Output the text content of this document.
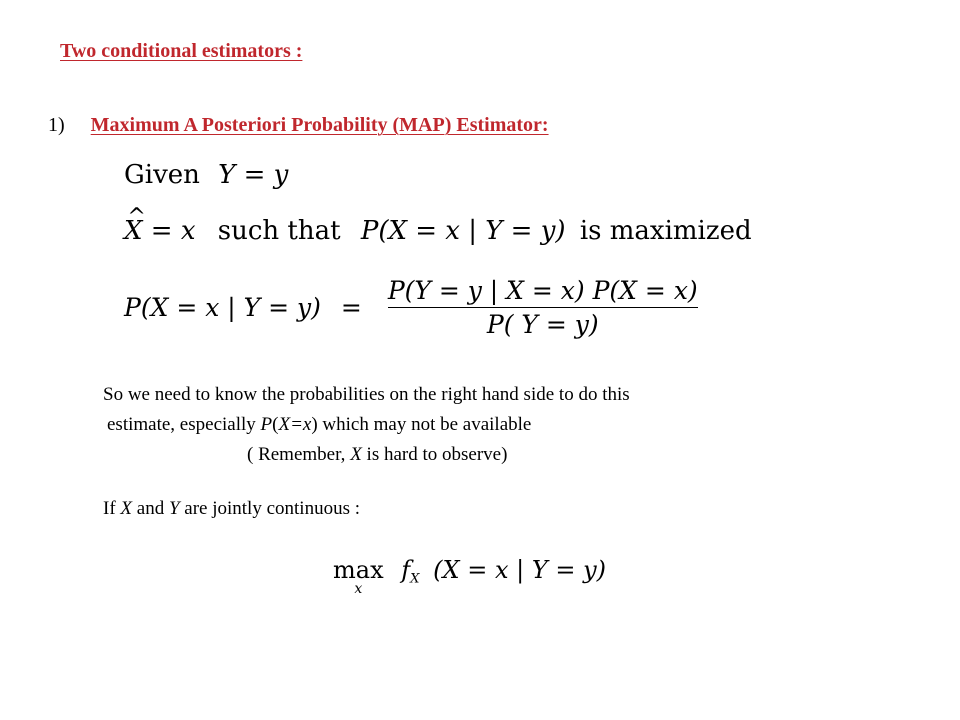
Two conditional estimators :
1) Maximum A Posteriori Probability (MAP) Estimator:
Given Y = y
^ X = x such that P(X = x | Y = y) is maximized
P(X = x | $Y = y) = \frac{P(Y = y | X = x) P(X = x)}{P( Y = y)}$
So we need to know the probabilities on the right hand side to do this
estimate, especially P(X=x) which may not be available
( Remember, X is hard to observe)
If X and Y are jointly continuous :
max
x
$f_X$ (X = x | Y = y)
